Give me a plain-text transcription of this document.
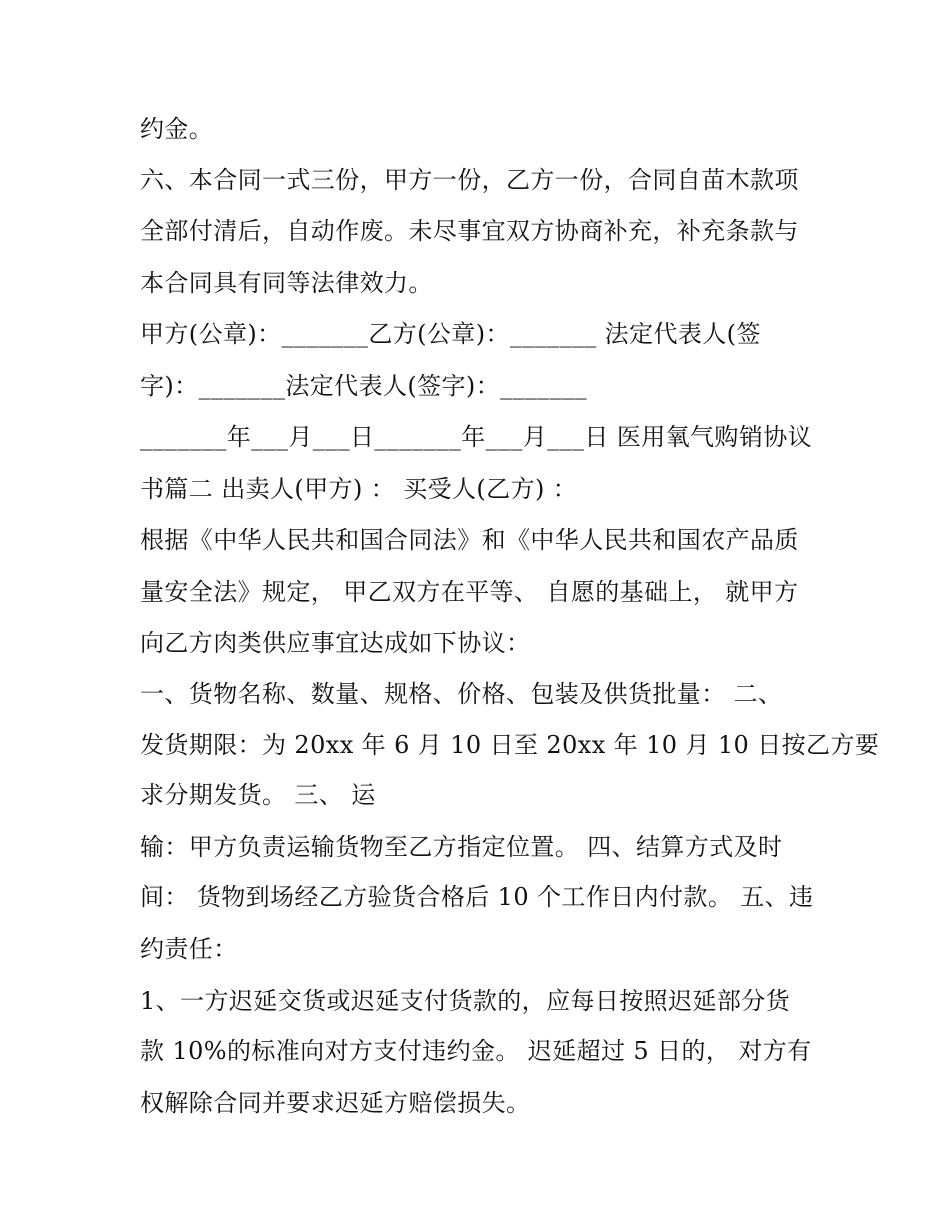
约金。
六、本合同一式三份，甲方一份，乙方一份，合同自苗木款项
全部付清后，自动作废。未尽事宜双方协商补充，补充条款与
本合同具有同等法律效力。
甲方(公章)：_______乙方(公章)：_______ 法定代表人(签
字)：_______法定代表人(签字)：_______
_______年___月___日_______年___月___日 医用氧气购销协议
书篇二 出卖人(甲方) ： 买受人(乙方) ：
根据《中华人民共和国合同法》和《中华人民共和国农产品质
量安全法》规定， 甲乙双方在平等、 自愿的基础上， 就甲方
向乙方肉类供应事宜达成如下协议：
一、货物名称、数量、规格、价格、包装及供货批量： 二、
发货期限：为 20xx 年 6 月 10 日至 20xx 年 10 月 10 日按乙方要
求分期发货。 三、 运
输：甲方负责运输货物至乙方指定位置。 四、结算方式及时
间： 货物到场经乙方验货合格后 10 个工作日内付款。 五、违
约责任：
1、一方迟延交货或迟延支付货款的，应每日按照迟延部分货
款 10%的标准向对方支付违约金。 迟延超过 5 日的， 对方有
权解除合同并要求迟延方赔偿损失。
